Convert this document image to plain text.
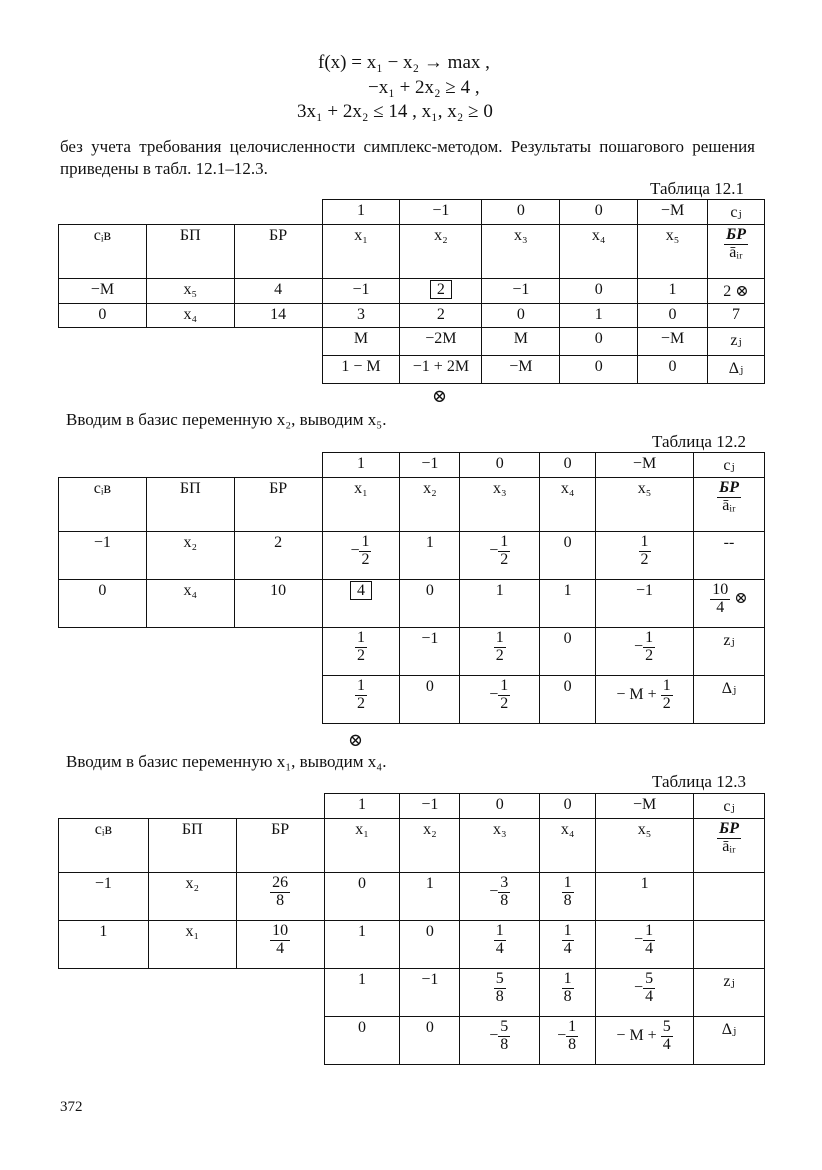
f(x) = x₁ − x₂ → max ,
−x₁ + 2x₂ ≥ 4 ,
3x₁ + 2x₂ ≤ 14 , x₁, x₂ ≥ 0
без учета требования целочисленности симплекс-методом. Результаты пошагового решения приведены в табл. 12.1–12.3.
Таблица 12.1
			1	−1	0	0	−M	cⱼ
cᵢв	БП	БР	x₁	x₂	x₃	x₄	x₅	БР
āᵢᵣ

−M	x₅	4	−1	2	−1	0	1	2 ⊗
0	x₄	14	3	2	0	1	0	7
			M	−2M	M	0	−M	zⱼ
			1 − M	−1 + 2M	−M	0	0	Δⱼ
⊗
Вводим в базис переменную x₂, выводим x₅.
Таблица 12.2
			1	−1	0	0	−M	cⱼ
cᵢв	БП	БР	x₁	x₂	x₃	x₄	x₅	БР
āᵢᵣ

−1	x₂	2	− $\frac{1}{2}$	1	− $\frac{1}{2}$	0	$\frac{1}{2}$	--
0	x₄	10	4	0	1	1	−1	$\frac{10}{4}$ ⊗

			$\frac{1}{2}$	−1	$\frac{1}{2}$	0	− $\frac{1}{2}$	zⱼ

			$\frac{1}{2}$	0	− $\frac{1}{2}$	0	− $M + \frac{1}{2}$	Δⱼ
⊗
Вводим в базис переменную x₁, выводим x₄.
Таблица 12.3
			1	−1	0	0	−M	cⱼ
cᵢв	БП	БР	x₁	x₂	x₃	x₄	x₅	БР
āᵢᵣ

−1	x₂	$\frac{26}{8}$	0	1	− $\frac{3}{8}$	$\frac{1}{8}$	1	
1	x₁	$\frac{10}{4}$	1	0	$\frac{1}{4}$	$\frac{1}{4}$	− $\frac{1}{4}$

			1	−1	$\frac{5}{8}$	$\frac{1}{8}$	− $\frac{5}{4}$	zⱼ
			0	0	− $\frac{5}{8}$	− $\frac{1}{8}$	− $M + \frac{5}{4}$	Δⱼ
372
